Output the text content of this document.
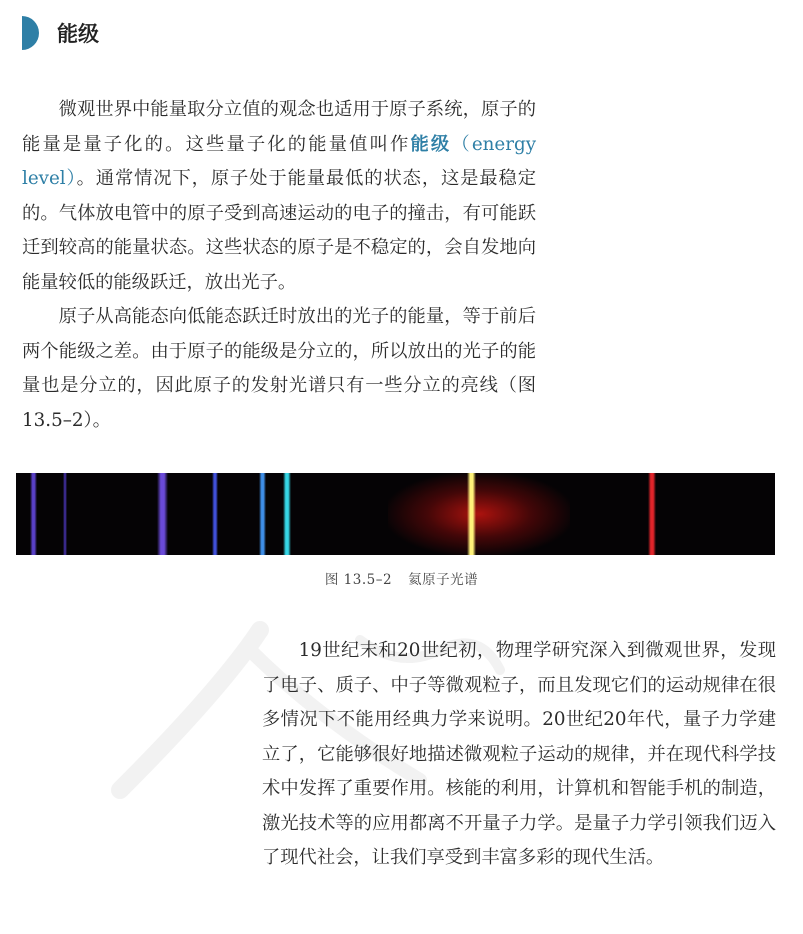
能级

微观世界中能量取分立值的观念也适用于原子系统，原子的能量是量子化的。这些量子化的能量值叫作能级（energy level）。通常情况下，原子处于能量最低的状态，这是最稳定的。气体放电管中的原子受到高速运动的电子的撞击，有可能跃迁到较高的能量状态。这些状态的原子是不稳定的，会自发地向能量较低的能级跃迁，放出光子。

原子从高能态向低能态跃迁时放出的光子的能量，等于前后两个能级之差。由于原子的能级是分立的，所以放出的光子的能量也是分立的，因此原子的发射光谱只有一些分立的亮线（图 13.5–2）。

图 13.5–2 氦原子光谱

19世纪末和20世纪初，物理学研究深入到微观世界，发现了电子、质子、中子等微观粒子，而且发现它们的运动规律在很多情况下不能用经典力学来说明。20世纪20年代，量子力学建立了，它能够很好地描述微观粒子运动的规律，并在现代科学技术中发挥了重要作用。核能的利用，计算机和智能手机的制造，激光技术等的应用都离不开量子力学。是量子力学引领我们迈入了现代社会，让我们享受到丰富多彩的现代生活。
